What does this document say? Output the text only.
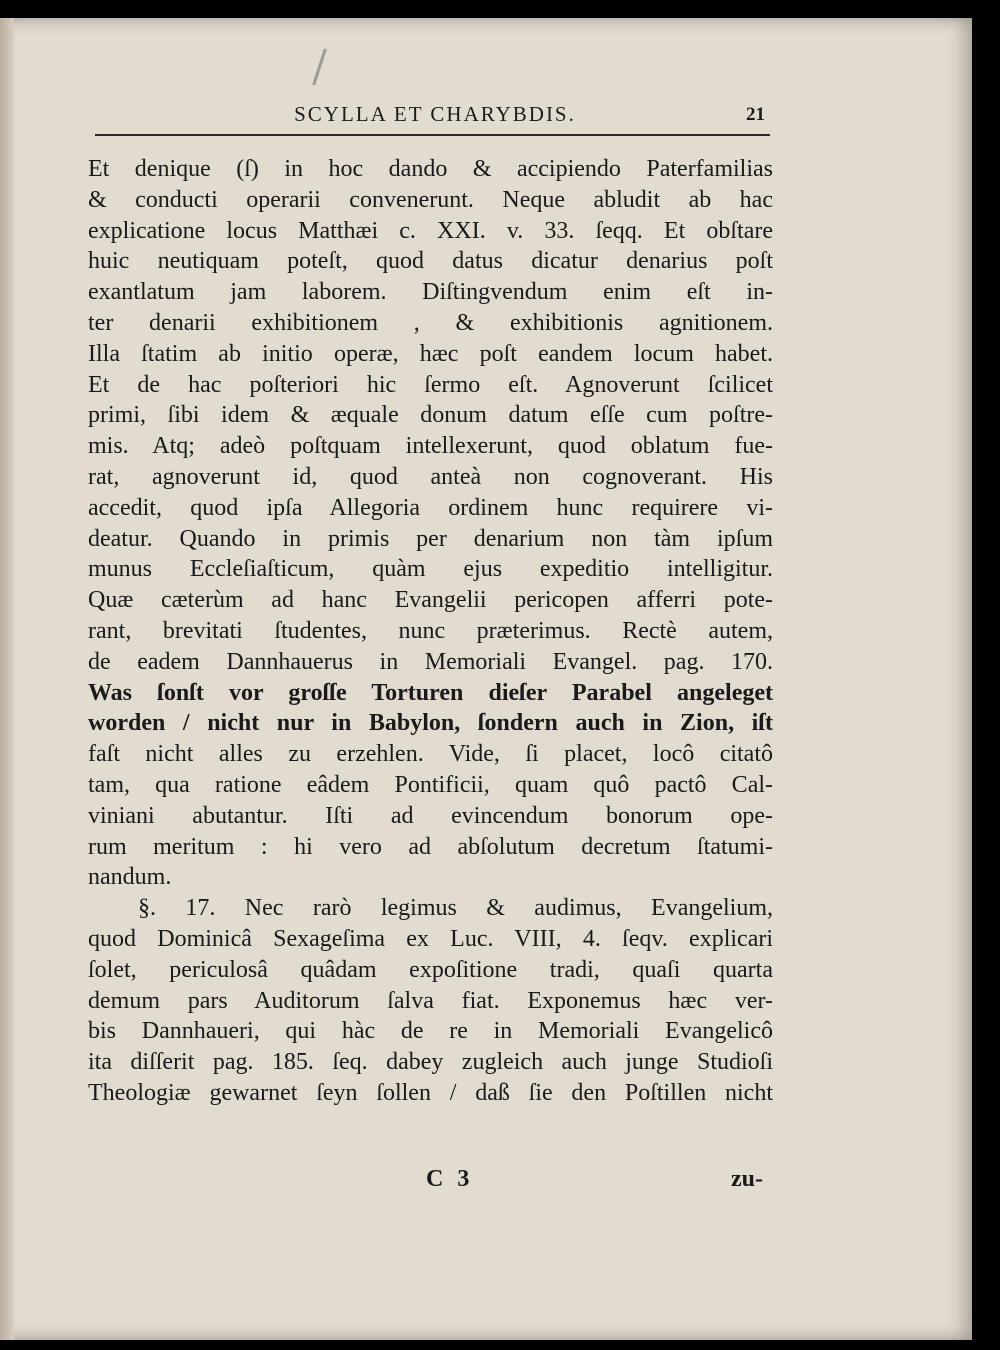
SCYLLA ET CHARYBDIS.	21
Et denique (ſ) in hoc dando & accipiendo Paterfamilias
& conducti operarii convenerunt. Neque abludit ab hac
explicatione locus Matthæi c. XXI. v. 33. ſeqq. Et obſtare
huic neutiquam poteſt, quod datus dicatur denarius poſt
exantlatum jam laborem. Diſtingvendum enim eſt in-
ter denarii exhibitionem , & exhibitionis agnitionem.
Illa ſtatim ab initio operæ, hæc poſt eandem locum habet.
Et de hac poſteriori hic ſermo eſt. Agnoverunt ſcilicet
primi, ſibi idem & æquale donum datum eſſe cum poſtre-
mis. Atq; adeò poſtquam intellexerunt, quod oblatum fue-
rat, agnoverunt id, quod anteà non cognoverant. His
accedit, quod ipſa Allegoria ordinem hunc requirere vi-
deatur. Quando in primis per denarium non tàm ipſum
munus Eccleſiaſticum, quàm ejus expeditio intelligitur.
Quæ cæterùm ad hanc Evangelii pericopen afferri pote-
rant, brevitati ſtudentes, nunc præterimus. Rectè autem,
de eadem Dannhauerus in Memoriali Evangel. pag. 170.
Was ſonſt vor groſſe Torturen dieſer Parabel angeleget
worden / nicht nur in Babylon, ſondern auch in Zion, iſt
faſt nicht alles zu erzehlen. Vide, ſi placet, locô citatô
tam, qua ratione eâdem Pontificii, quam quô pactô Cal-
viniani abutantur. Iſti ad evincendum bonorum ope-
rum meritum : hi vero ad abſolutum decretum ſtatumi-
nandum.
§. 17. Nec rarò legimus & audimus, Evangelium,
quod Dominicâ Sexageſima ex Luc. VIII, 4. ſeqv. explicari
ſolet, periculosâ quâdam expoſitione tradi, quaſi quarta
demum pars Auditorum ſalva fiat. Exponemus hæc ver-
bis Dannhaueri, qui hàc de re in Memoriali Evangelicô
ita diſſerit pag. 185. ſeq. dabey zugleich auch junge Studioſi
Theologiæ gewarnet ſeyn ſollen / daß ſie den Poſtillen nicht
C 3	zu-
